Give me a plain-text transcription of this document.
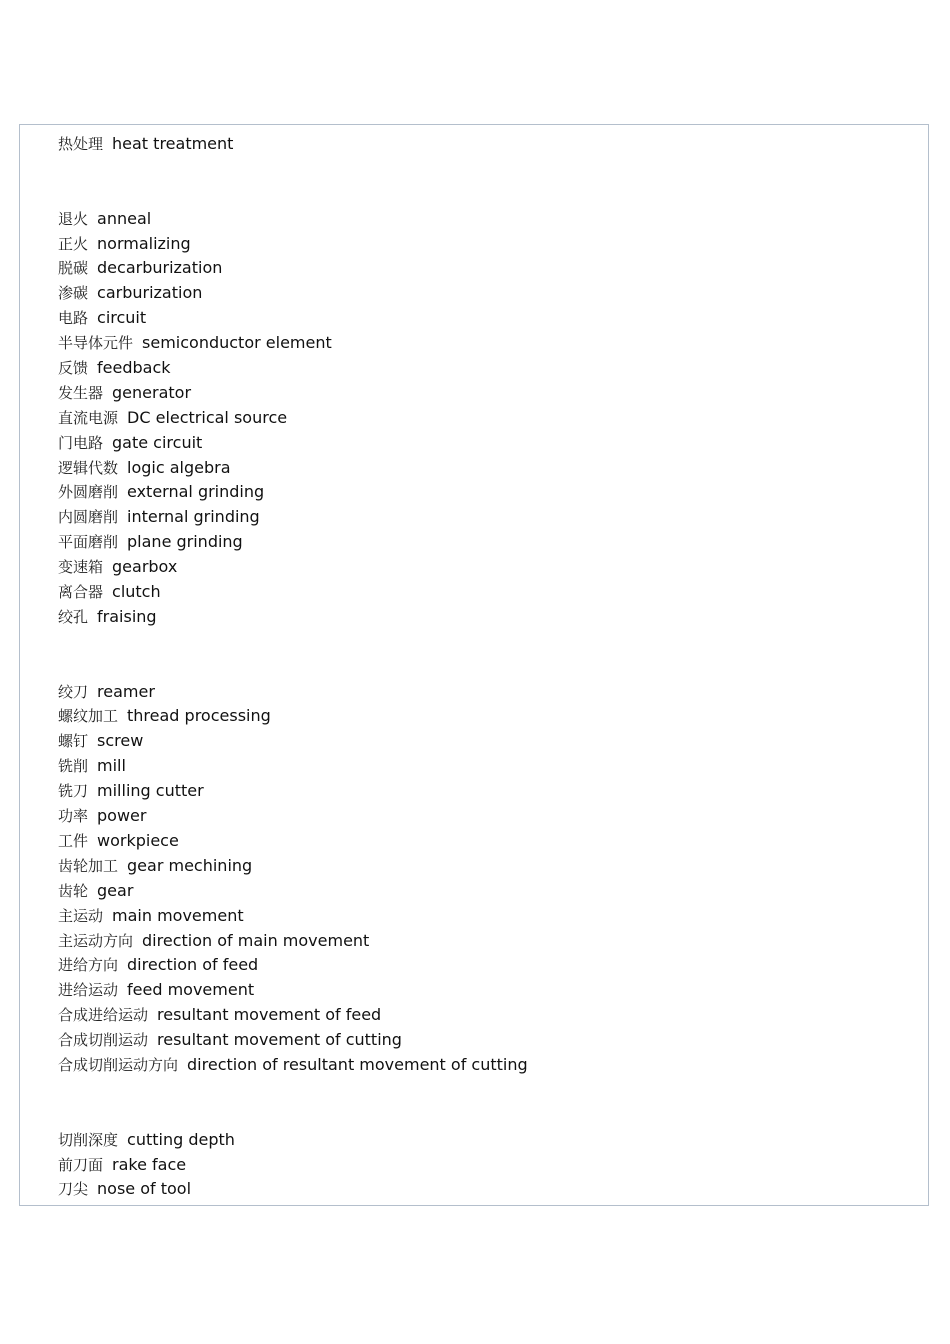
热处理 heat treatment
退火 anneal
正火 normalizing
脱碳 decarburization
渗碳 carburization
电路 circuit
半导体元件 semiconductor element
反馈 feedback
发生器 generator
直流电源 DC electrical source
门电路 gate circuit
逻辑代数 logic algebra
外圆磨削 external grinding
内圆磨削 internal grinding
平面磨削 plane grinding
变速箱 gearbox
离合器 clutch
绞孔 fraising
绞刀 reamer
螺纹加工 thread processing
螺钉 screw
铣削 mill
铣刀 milling cutter
功率 power
工件 workpiece
齿轮加工 gear mechining
齿轮 gear
主运动 main movement
主运动方向 direction of main movement
进给方向 direction of feed
进给运动 feed movement
合成进给运动 resultant movement of feed
合成切削运动 resultant movement of cutting
合成切削运动方向 direction of resultant movement of cutting
切削深度 cutting depth
前刀面 rake face
刀尖 nose of tool
